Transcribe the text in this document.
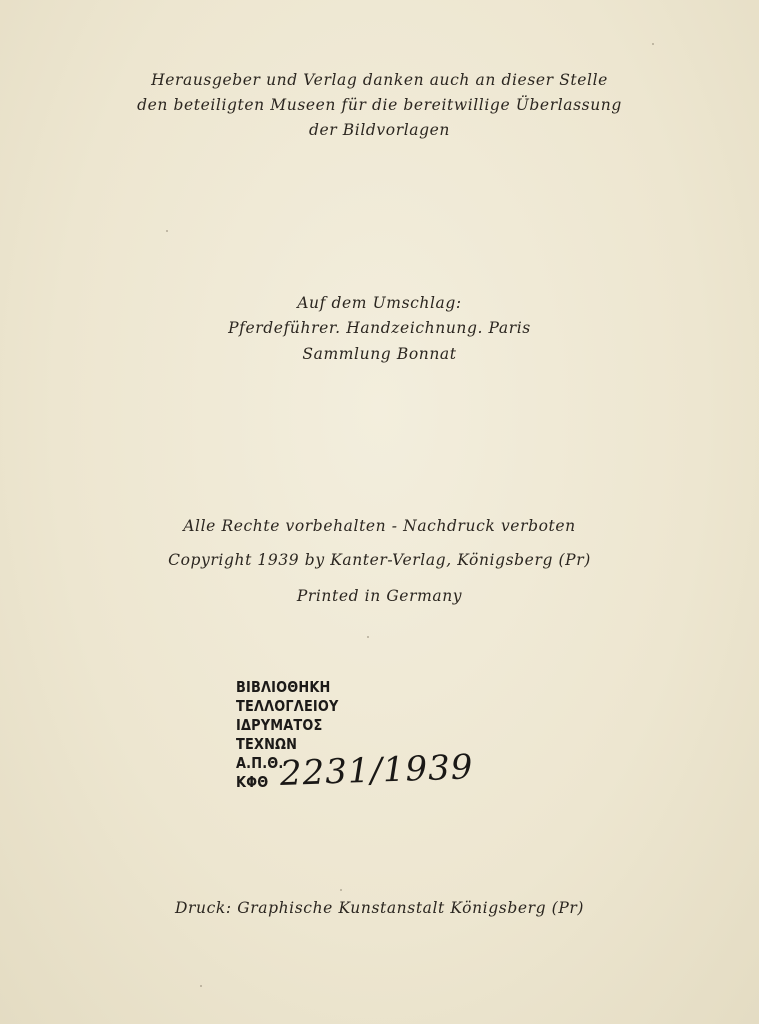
Herausgeber und Verlag danken auch an dieser Stelle
den beteiligten Museen für die bereitwillige Überlassung
der Bildvorlagen
Auf dem Umschlag:
Pferdeführer. Handzeichnung. Paris
Sammlung Bonnat
Alle Rechte vorbehalten - Nachdruck verboten
Copyright 1939 by Kanter-Verlag, Königsberg (Pr)
Printed in Germany
ΒΙΒΛΙΟΘΗΚΗ
ΤΕΛΛΟΓΛΕΙΟΥ
ΙΔΡΥΜΑΤΟΣ
ΤΕΧΝΩΝ
Α.Π.Θ.
ΚΦΘ 2231/1939
Druck: Graphische Kunstanstalt Königsberg (Pr)
